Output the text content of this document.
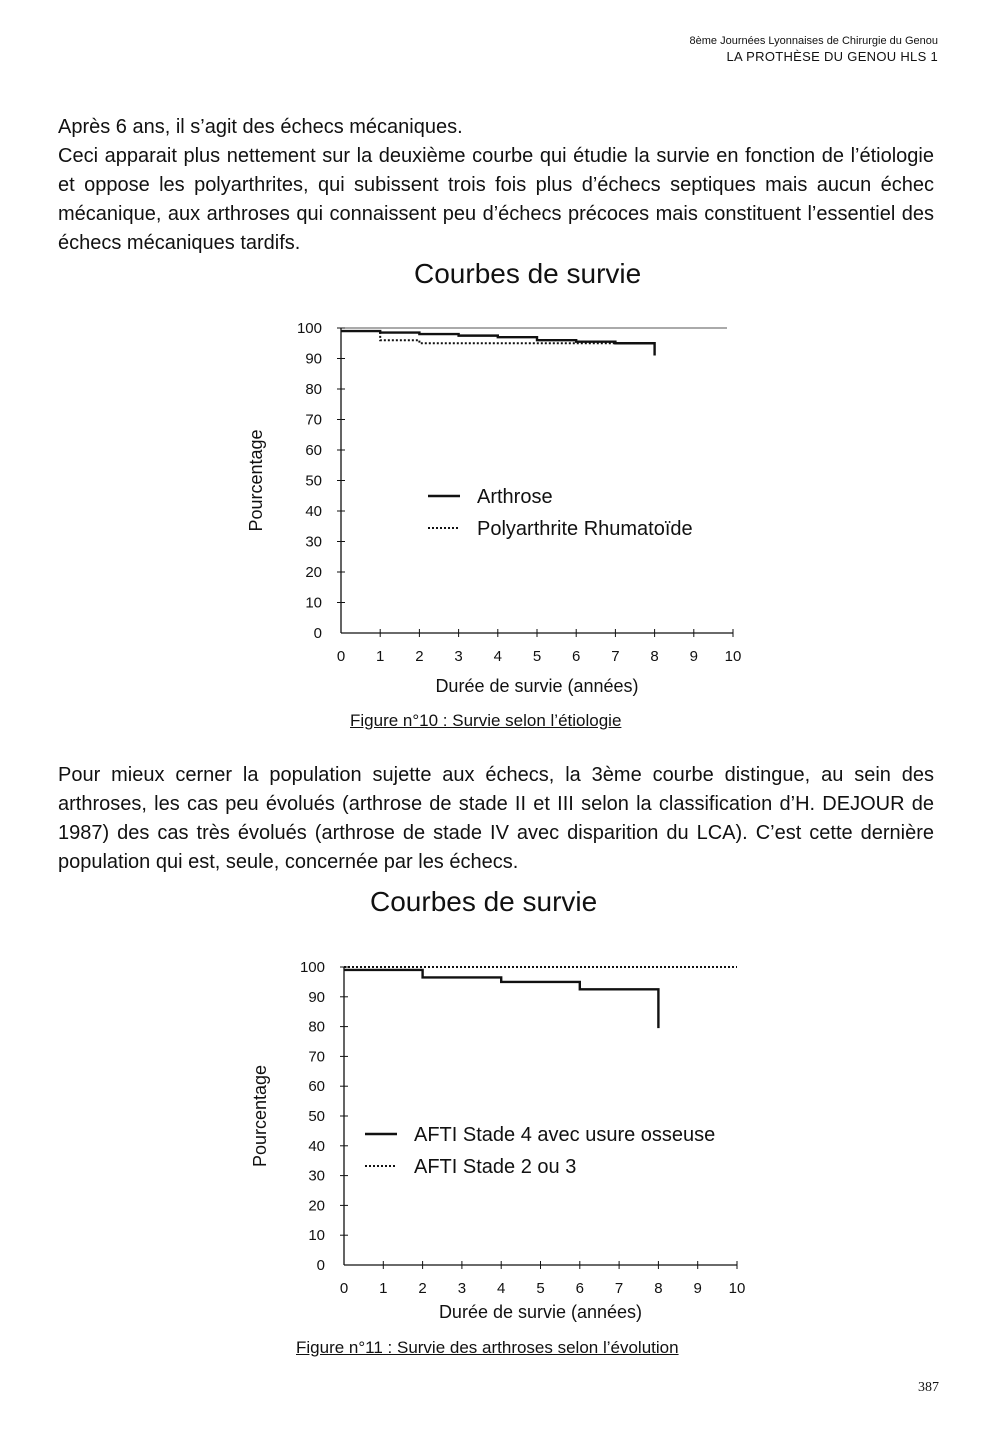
8ème Journées Lyonnaises de Chirurgie du Genou
LA PROTHÈSE DU GENOU HLS 1

Après 6 ans, il s’agit des échecs mécaniques.

Ceci apparait plus nettement sur la deuxième courbe qui étudie la survie en fonction de l’étiologie et oppose les polyarthrites, qui subissent trois fois plus d’échecs septiques mais aucun échec mécanique, aux arthroses qui connaissent peu d’échecs précoces mais constituent l’essentiel des échecs mécaniques tardifs.

Courbes de survie
0
10
20
30
40
50
60
70
80
90
100
0 1 2 3 4 5 6 7 8 9 10
Durée de survie (années)
Pourcentage	Arthrose
Polyarthrite Rhumatoïde
Figure n°10 : Survie selon l’étiologie
Pour mieux cerner la population sujette aux échecs, la 3ème courbe distingue, au sein des arthroses, les cas peu évolués (arthrose de stade II et III selon la classification d’H. DEJOUR de 1987) des cas très évolués (arthrose de stade IV avec disparition du LCA). C’est cette dernière population qui est, seule, concernée par les échecs.
Courbes de survie
0
10
20
30
40
50
60
70
80
90
100
0 1 2 3 4 5 6 7 8 9 10
Durée de survie (années)
Pourcentage	AFTI Stade 4 avec usure osseuse
AFTI Stade 2 ou 3
Figure n°11 : Survie des arthroses selon l’évolution
387
